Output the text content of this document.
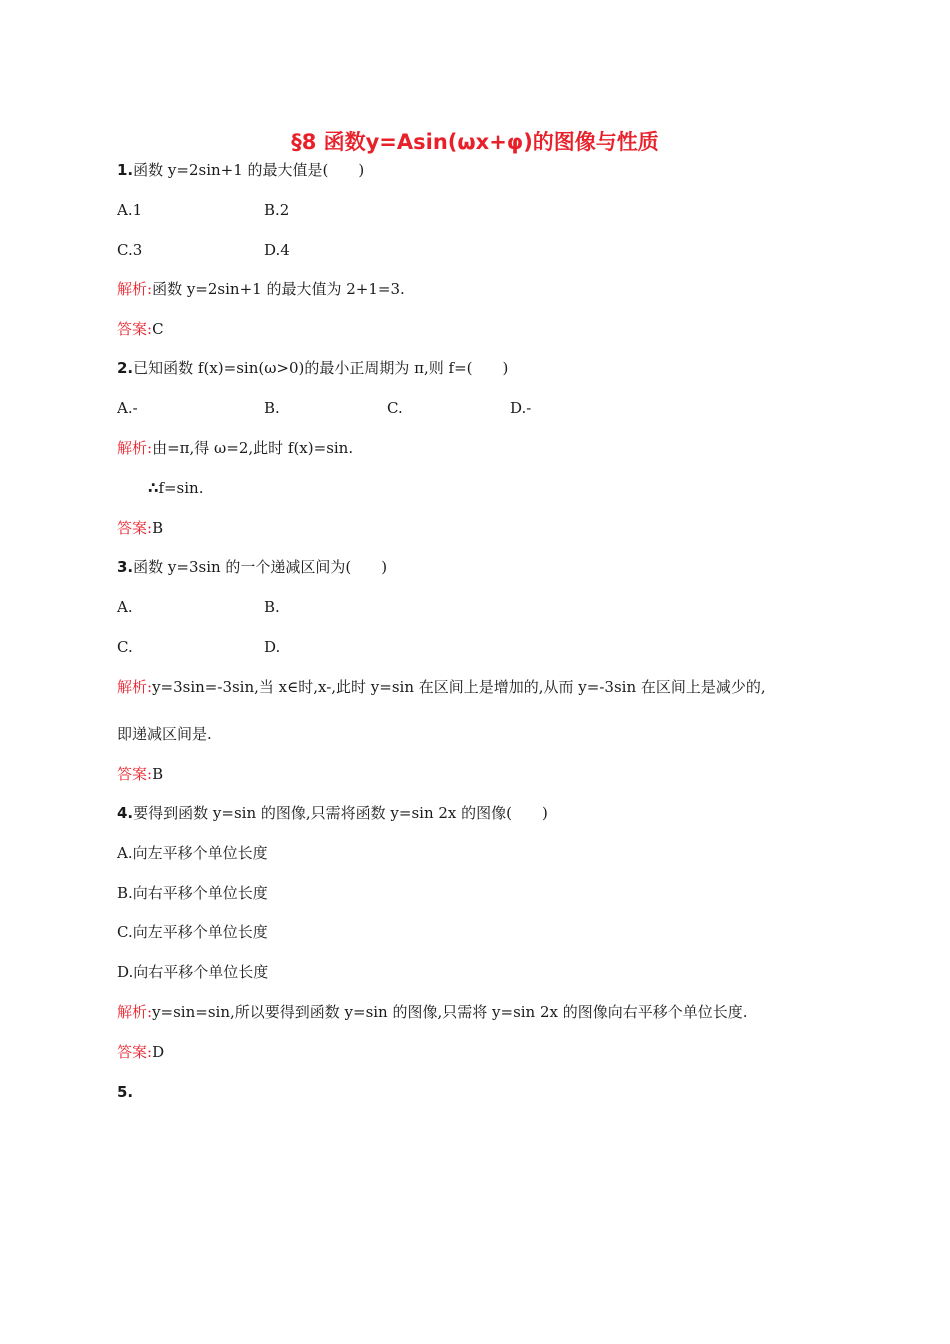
§8 函数y=Asin(ωx+φ)的图像与性质
1.函数 y=2sin+1 的最大值是(　　)
A.1	B.2
C.3	D.4
解析:函数 y=2sin+1 的最大值为 2+1=3.
答案:C
2.已知函数 f(x)=sin(ω>0)的最小正周期为 π,则 f=(　　)
A.-	B.	C.	D.-
解析:由=π,得 ω=2,此时 f(x)=sin.
∴f=sin.
答案:B
3.函数 y=3sin 的一个递减区间为(　　)
A.	B.
C.	D.
解析:y=3sin=-3sin,当 x∈时,x-,此时 y=sin 在区间上是增加的,从而 y=-3sin 在区间上是减少的,
即递减区间是.
答案:B
4.要得到函数 y=sin 的图像,只需将函数 y=sin 2x 的图像(　　)
A.向左平移个单位长度
B.向右平移个单位长度
C.向左平移个单位长度
D.向右平移个单位长度
解析:y=sin=sin,所以要得到函数 y=sin 的图像,只需将 y=sin 2x 的图像向右平移个单位长度.
答案:D
5.
